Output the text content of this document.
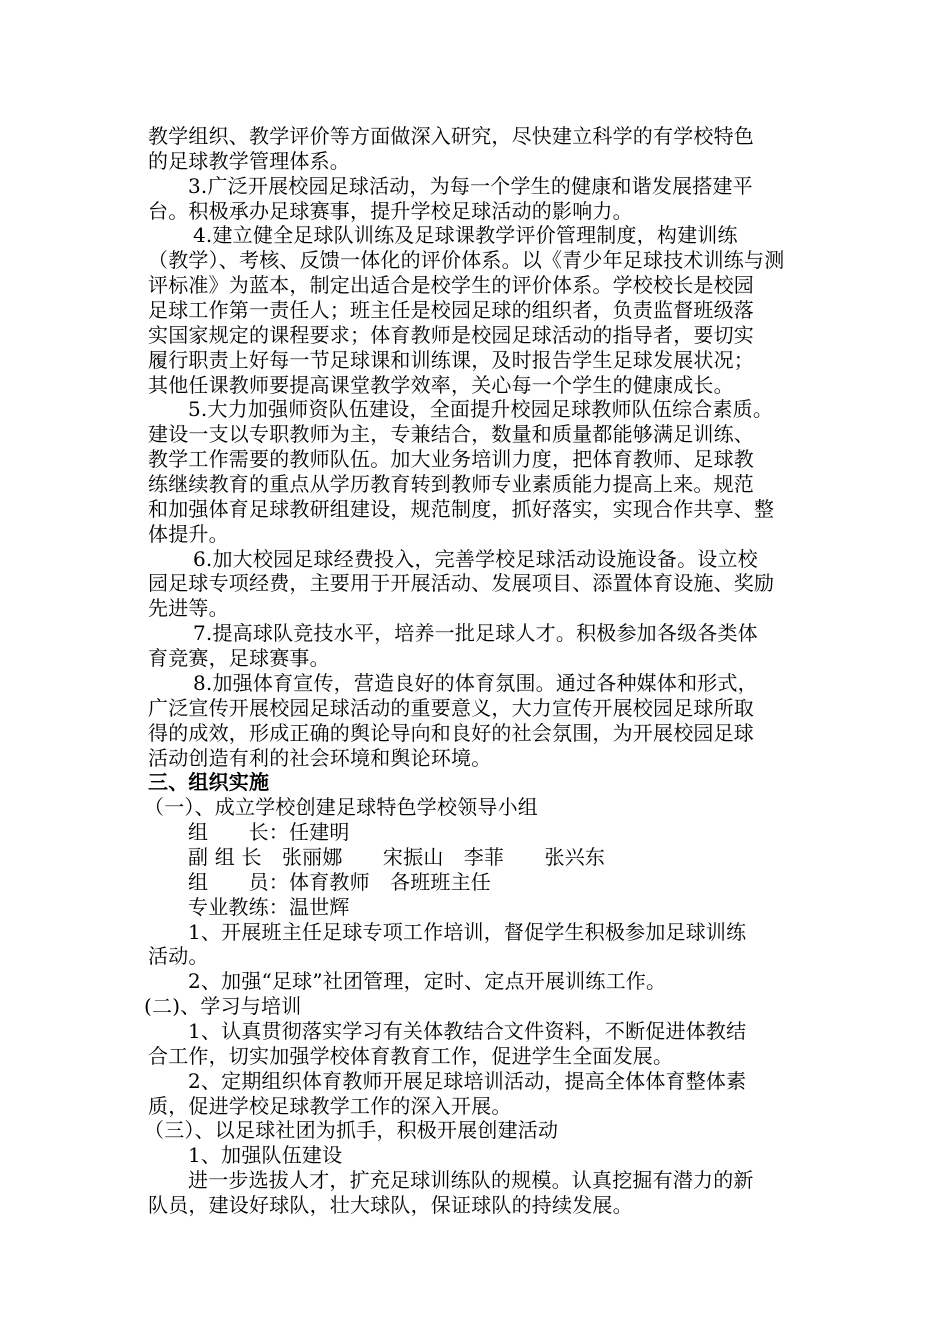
教学组织、教学评价等方面做深入研究，尽快建立科学的有学校特色
的足球教学管理体系。
3.广泛开展校园足球活动，为每一个学生的健康和谐发展搭建平
台。积极承办足球赛事，提升学校足球活动的影响力。
4.建立健全足球队训练及足球课教学评价管理制度，构建训练
（教学）、考核、反馈一体化的评价体系。以《青少年足球技术训练与测
评标准》为蓝本，制定出适合是校学生的评价体系。学校校长是校园
足球工作第一责任人；班主任是校园足球的组织者，负责监督班级落
实国家规定的课程要求；体育教师是校园足球活动的指导者，要切实
履行职责上好每一节足球课和训练课，及时报告学生足球发展状况；
其他任课教师要提高课堂教学效率，关心每一个学生的健康成长。
5.大力加强师资队伍建设，全面提升校园足球教师队伍综合素质。
建设一支以专职教师为主，专兼结合，数量和质量都能够满足训练、
教学工作需要的教师队伍。加大业务培训力度，把体育教师、足球教
练继续教育的重点从学历教育转到教师专业素质能力提高上来。规范
和加强体育足球教研组建设，规范制度，抓好落实，实现合作共享、整
体提升。
6.加大校园足球经费投入，完善学校足球活动设施设备。设立校
园足球专项经费，主要用于开展活动、发展项目、添置体育设施、奖励
先进等。
7.提高球队竞技水平，培养一批足球人才。积极参加各级各类体
育竞赛，足球赛事。
8.加强体育宣传，营造良好的体育氛围。通过各种媒体和形式，
广泛宣传开展校园足球活动的重要意义，大力宣传开展校园足球所取
得的成效，形成正确的舆论导向和良好的社会氛围，为开展校园足球
活动创造有利的社会环境和舆论环境。
三、组织实施
（一）、成立学校创建足球特色学校领导小组
组　　长：任建明
副 组 长　张丽娜　　宋振山　李菲　　张兴东
组　　员：体育教师　各班班主任
专业教练：温世辉
1、开展班主任足球专项工作培训，督促学生积极参加足球训练
活动。
2、加强“足球”社团管理，定时、定点开展训练工作。
(二)、学习与培训
1、认真贯彻落实学习有关体教结合文件资料，不断促进体教结
合工作，切实加强学校体育教育工作，促进学生全面发展。
2、定期组织体育教师开展足球培训活动，提高全体体育整体素
质，促进学校足球教学工作的深入开展。
（三）、以足球社团为抓手，积极开展创建活动
1、加强队伍建设
进一步选拔人才，扩充足球训练队的规模。认真挖掘有潜力的新
队员，建设好球队，壮大球队，保证球队的持续发展。
